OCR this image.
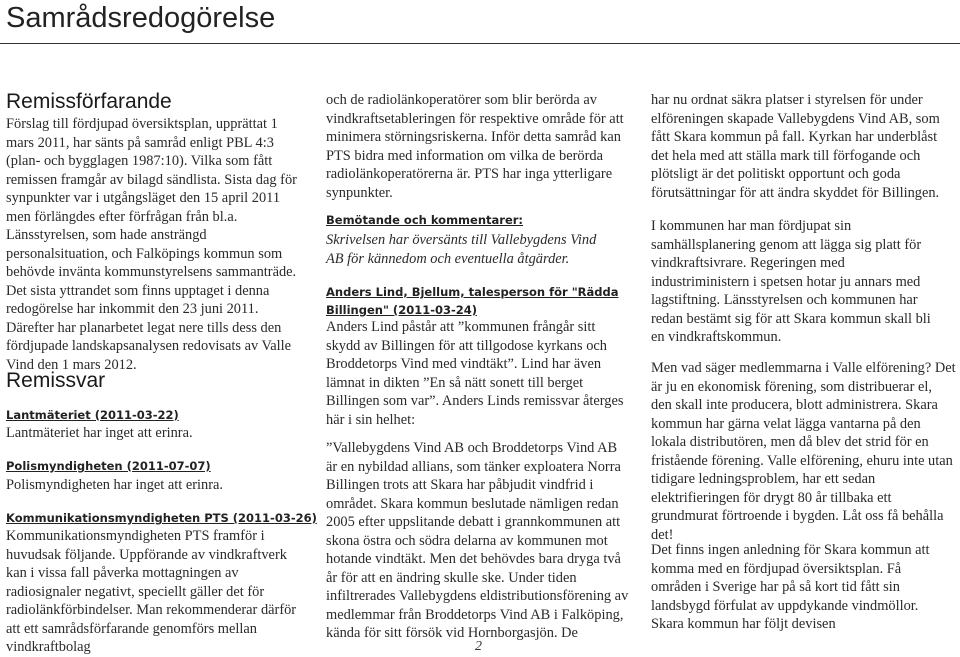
Samrådsredogörelse
Remissförfarande

Förslag till fördjupad översiktsplan, upprättat 1 mars 2011, har sänts på samråd enligt PBL 4:3 (plan- och bygglagen 1987:10). Vilka som fått remissen framgår av bilagd sändlista. Sista dag för synpunkter var i utgångsläget den 15 april 2011 men förlängdes efter förfrågan från bl.a. Länsstyrelsen, som hade ansträngd personalsituation, och Falköpings kommun som behövde invänta kommunstyrelsens sammanträde. Det sista yttrandet som finns upptaget i denna redogörelse har inkommit den 23 juni 2011. Därefter har planarbetet legat nere tills dess den fördjupade landskapsanalysen redovisats av Valle Vind den 1 mars 2012.

Remissvar
Lantmäteriet (2011-03-22)

Lantmäteriet har inget att erinra.

Polismyndigheten (2011-07-07)

Polismyndigheten har inget att erinra.

Kommunikationsmyndigheten PTS (2011-03-26)

Kommunikationsmyndigheten PTS framför i huvudsak följande. Uppförande av vindkraftverk kan i vissa fall påverka mottagningen av radiosignaler negativt, speciellt gäller det för radiolänkförbindelser. Man rekommenderar därför att ett samrådsförfarande genomförs mellan vindkraftbolag

och de radiolänkoperatörer som blir berörda av vindkraftsetableringen för respektive område för att minimera störningsriskerna. Inför detta samråd kan PTS bidra med information om vilka de berörda radiolänkoperatörerna är. PTS har inga ytterligare synpunkter.

Bemötande och kommentarer:

Skrivelsen har översänts till Vallebygdens Vind AB för kännedom och eventuella åtgärder.

Anders Lind, Bjellum, talesperson för "Rädda Billingen" (2011-03-24)

Anders Lind påstår att ”kommunen frångår sitt skydd av Billingen för att tillgodose kyrkans och Broddetorps Vind med vindtäkt”. Lind har även lämnat in dikten ”En så nätt sonett till berget Billingen som var”. Anders Linds remissvar återges här i sin helhet:

”Vallebygdens Vind AB och Broddetorps Vind AB är en nybildad allians, som tänker exploatera Norra Billingen trots att Skara har påbjudit vindfrid i området. Skara kommun beslutade nämligen redan 2005 efter uppslitande debatt i grannkommunen att skona östra och södra delarna av kommunen mot hotande vindtäkt. Men det behövdes bara dryga två år för att en ändring skulle ske. Under tiden infiltrerades Vallebygdens eldistributionsförening av medlemmar från Broddetorps Vind AB i Falköping, kända för sitt försök vid Hornborgasjön. De

har nu ordnat säkra platser i styrelsen för under elföreningen skapade Vallebygdens Vind AB, som fått Skara kommun på fall. Kyrkan har underblåst det hela med att ställa mark till förfogande och plötsligt är det politiskt opportunt och goda förutsättningar för att ändra skyddet för Billingen.

I kommunen har man fördjupat sin samhällsplanering genom att lägga sig platt för vindkraftsivrare. Regeringen med industriministern i spetsen hotar ju annars med lagstiftning. Länsstyrelsen och kommunen har redan bestämt sig för att Skara kommun skall bli en vindkraftskommun.

Men vad säger medlemmarna i Valle elförening? Det är ju en ekonomisk förening, som distribuerar el, den skall inte producera, blott administrera. Skara kommun har gärna velat lägga vantarna på den lokala distributören, men då blev det strid för en fristående förening. Valle elförening, ehuru inte utan tidigare ledningsproblem, har ett sedan elektrifieringen för drygt 80 år tillbaka ett grundmurat förtroende i bygden. Låt oss få behålla det!

Det finns ingen anledning för Skara kommun att komma med en fördjupad översiktsplan. Få områden i Sverige har på så kort tid fått sin landsbygd förfulat av uppdykande vindmöllor. Skara kommun har följt devisen

2
